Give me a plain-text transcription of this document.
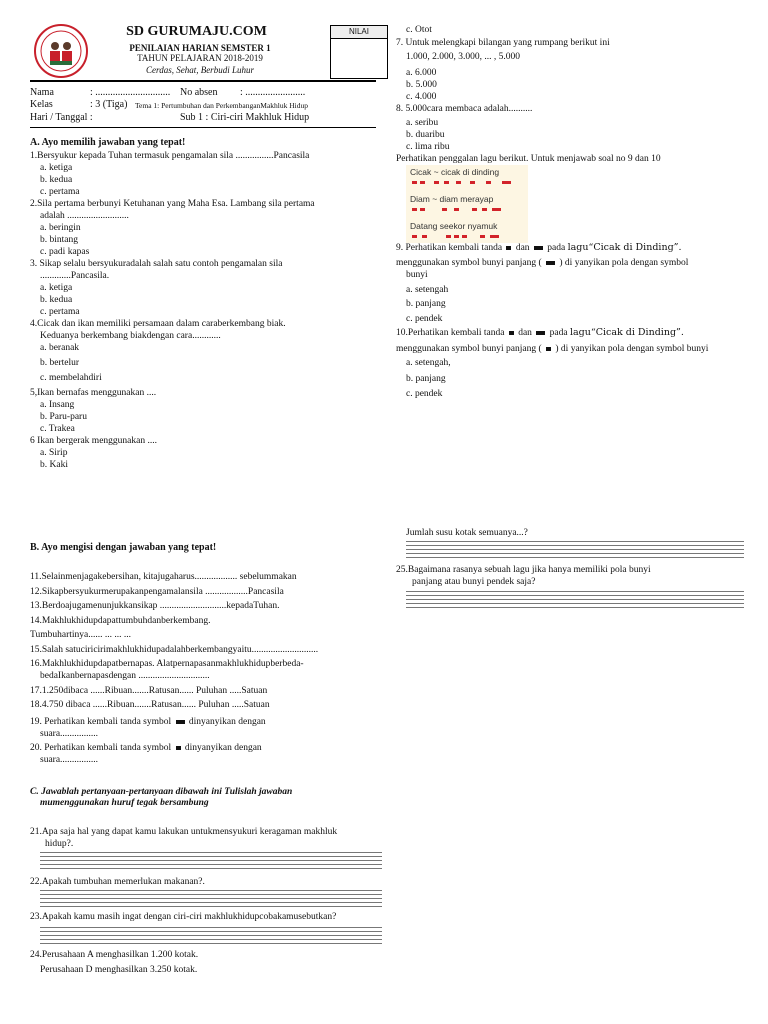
SD GURUMAJU.COM
PENILAIAN HARIAN SEMSTER 1
TAHUN PELAJARAN 2018-2019
Cerdas, Sehat, Berbudi Luhur
NILAI
Nama	: .............................. No absen : ........................
Kelas	: 3 (Tiga) Tema 1: Pertumbuhan dan PerkembanganMakhluk Hidup
Hari / Tanggal :	Sub 1 : Ciri-ciri Makhluk Hidup
A. Ayo memilih jawaban yang tepat!
1.Bersyukur kepada Tuhan termasuk pengamalan sila ................Pancasila
a. ketiga
b. kedua
c. pertama
2.Sila pertama berbunyi Ketuhanan yang Maha Esa. Lambang sila pertama
adalah ..........................
a. beringin
b. bintang
c. padi kapas
3. Sikap selalu bersyukuradalah salah satu contoh pengamalan sila
.............Pancasila.
a. ketiga
b. kedua
c. pertama
4.Cicak dan ikan memiliki persamaan dalam caraberkembang biak.
Keduanya berkembang biakdengan cara............
a. beranak
b. bertelur
c. membelahdiri
5,Ikan bernafas menggunakan ....
a. Insang
b. Paru-paru
c. Trakea
6 Ikan bergerak menggunakan ....
a. Sirip
b. Kaki
c. Otot
7. Untuk melengkapi bilangan yang rumpang berikut ini
1.000, 2.000, 3.000, ... , 5.000
a. 6.000
b. 5.000
c. 4.000
8. 5.000cara membaca adalah..........
a. seribu
b. duaribu
c. lima ribu
Perhatikan penggalan lagu berikut. Untuk menjawab soal no 9 dan 10
Cicak ~ cicak di dinding
Diam ~ diam merayap
Datang seekor nyamuk
9. Perhatikan kembali tanda dan pada lagu“Cicak di Dinding”.
menggunakan symbol bunyi panjang ( ) di yanyikan pola dengan symbol
bunyi
a. setengah
b. panjang
c. pendek
10.Perhatikan kembali tanda dan pada lagu“Cicak di Dinding”.
menggunakan symbol bunyi panjang ( ) di yanyikan pola dengan symbol bunyi
a. setengah,
b. panjang
c. pendek
B. Ayo mengisi dengan jawaban yang tepat!
11.Selainmenjagakebersihan, kitajugaharus.................. sebelummakan
12.Sikapbersyukurmerupakanpengamalansila ..................Pancasila
13.Berdoajugamenunjukkansikap ............................kepadaTuhan.
14.Makhlukhidupdapattumbuhdanberkembang.
Tumbuhartinya...... ... ... ...
15.Salah satuciricirimakhlukhidupadalahberkembangyaitu............................
16.Makhlukhidupdapatbernapas. Alatpernapasanmakhlukhidupberbeda-
bedaIkanbernapasdengan ..............................
17.1.250dibaca ......Ribuan.......Ratusan...... Puluhan .....Satuan
18.4.750 dibaca ......Ribuan.......Ratusan...... Puluhan .....Satuan
19. Perhatikan kembali tanda symbol dinyanyikan dengan
suara................
20. Perhatikan kembali tanda symbol dinyanyikan dengan
suara................
C. Jawablah pertanyaan-pertanyaan dibawah ini Tulislah jawaban
mumenggunakan huruf tegak bersambung
21.Apa saja hal yang dapat kamu lakukan untukmensyukuri keragaman makhluk
hidup?.
22.Apakah tumbuhan memerlukan makanan?.
23.Apakah kamu masih ingat dengan ciri-ciri makhlukhidupcobakamusebutkan?
24.Perusahaan A menghasilkan 1.200 kotak.
Perusahaan D menghasilkan 3.250 kotak.
Jumlah susu kotak semuanya...?
25.Bagaimana rasanya sebuah lagu jika hanya memiliki pola bunyi
panjang atau bunyi pendek saja?
